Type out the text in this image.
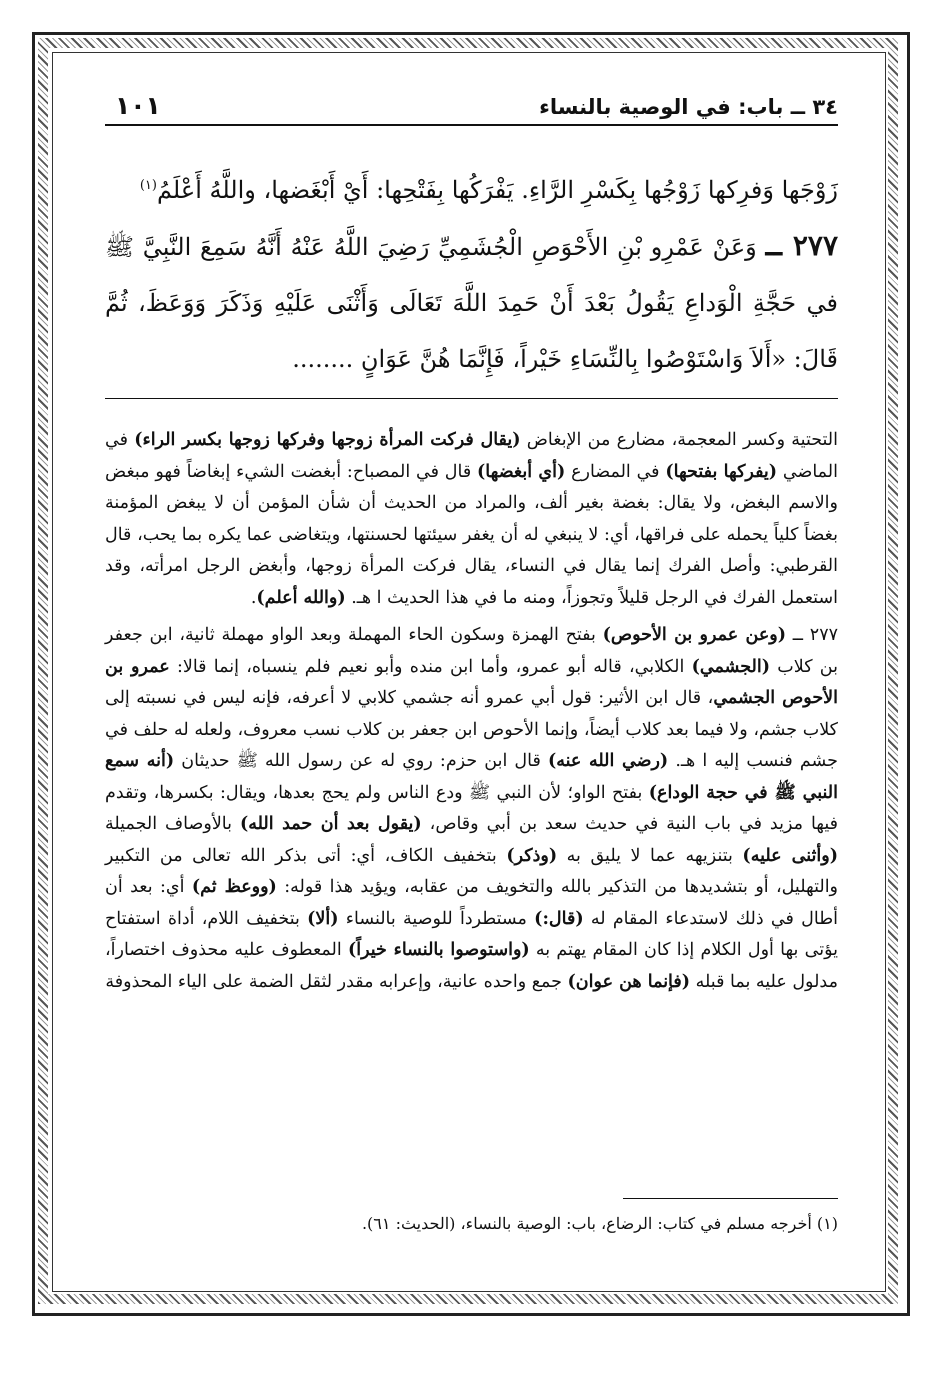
٣٤ ــ باب: في الوصية بالنساء
١٠١

زَوْجَها وَفرِكها زَوْجُها بِكَسْرِ الرَّاءِ. يَفْرَكُها بِفَتْحِها: أَيْ أَبْغَضها، واللَّهُ أَعْلَمُ$^{(١)}$

٢٧٧ ــ وَعَنْ عَمْرِو بْنِ الأَحْوَصِ الْجُشَمِيِّ رَضِيَ اللَّهُ عَنْهُ أَنَّهُ سَمِعَ النَّبِيَّ ﷺ في حَجَّةِ الْوَداعِ يَقُولُ بَعْدَ أَنْ حَمِدَ اللَّهَ تَعَالَى وَأَثْنَى عَلَيْهِ وَذَكَرَ وَوَعَظَ، ثُمَّ قَالَ: «أَلاَ وَاسْتَوْصُوا بِالنِّسَاءِ خَيْراً، فَإِنَّمَا هُنَّ عَوَانٍ ........

التحتية وكسر المعجمة، مضارع من الإبغاض (يقال فركت المرأة زوجها وفركها زوجها بكسر الراء) في الماضي (يفركها بفتحها) في المضارع (أي أبغضها) قال في المصباح: أبغضت الشيء إبغاضاً فهو مبغض والاسم البغض، ولا يقال: بغضة بغير ألف، والمراد من الحديث أن شأن المؤمن أن لا يبغض المؤمنة بغضاً كلياً يحمله على فراقها، أي: لا ينبغي له أن يغفر سيئتها لحسنتها، ويتغاضى عما يكره بما يحب، قال القرطبي: وأصل الفرك إنما يقال في النساء، يقال فركت المرأة زوجها، وأبغض الرجل امرأته، وقد استعمل الفرك في الرجل قليلاً وتجوزاً، ومنه ما في هذا الحديث ا هـ. (والله أعلم).

٢٧٧ ــ (وعن عمرو بن الأحوص) بفتح الهمزة وسكون الحاء المهملة وبعد الواو مهملة ثانية، ابن جعفر بن كلاب (الجشمي) الكلابي، قاله أبو عمرو، وأما ابن منده وأبو نعيم فلم ينسباه، إنما قالا: عمرو بن الأحوص الجشمي، قال ابن الأثير: قول أبي عمرو أنه جشمي كلابي لا أعرفه، فإنه ليس في نسبته إلى كلاب جشم، ولا فيما بعد كلاب أيضاً، وإنما الأحوص ابن جعفر بن كلاب نسب معروف، ولعله له حلف في جشم فنسب إليه ا هـ. (رضي الله عنه) قال ابن حزم: روي له عن رسول الله ﷺ حديثان (أنه سمع النبي ﷺ في حجة الوداع) بفتح الواو؛ لأن النبي ﷺ ودع الناس ولم يحج بعدها، ويقال: بكسرها، وتقدم فيها مزيد في باب النية في حديث سعد بن أبي وقاص، (يقول بعد أن حمد الله) بالأوصاف الجميلة (وأثنى عليه) بتنزيهه عما لا يليق به (وذكر) بتخفيف الكاف، أي: أتى بذكر الله تعالى من التكبير والتهليل، أو بتشديدها من التذكير بالله والتخويف من عقابه، ويؤيد هذا قوله: (ووعظ ثم) أي: بعد أن أطال في ذلك لاستدعاء المقام له (قال:) مستطرداً للوصية بالنساء (ألا) بتخفيف اللام، أداة استفتاح يؤتى بها أول الكلام إذا كان المقام يهتم به (واستوصوا بالنساء خيراً) المعطوف عليه محذوف اختصاراً، مدلول عليه بما قبله (فإنما هن عوان) جمع واحده عانية، وإعرابه مقدر لثقل الضمة على الياء المحذوفة

(١) أخرجه مسلم في كتاب: الرضاع، باب: الوصية بالنساء، (الحديث: ٦١).
